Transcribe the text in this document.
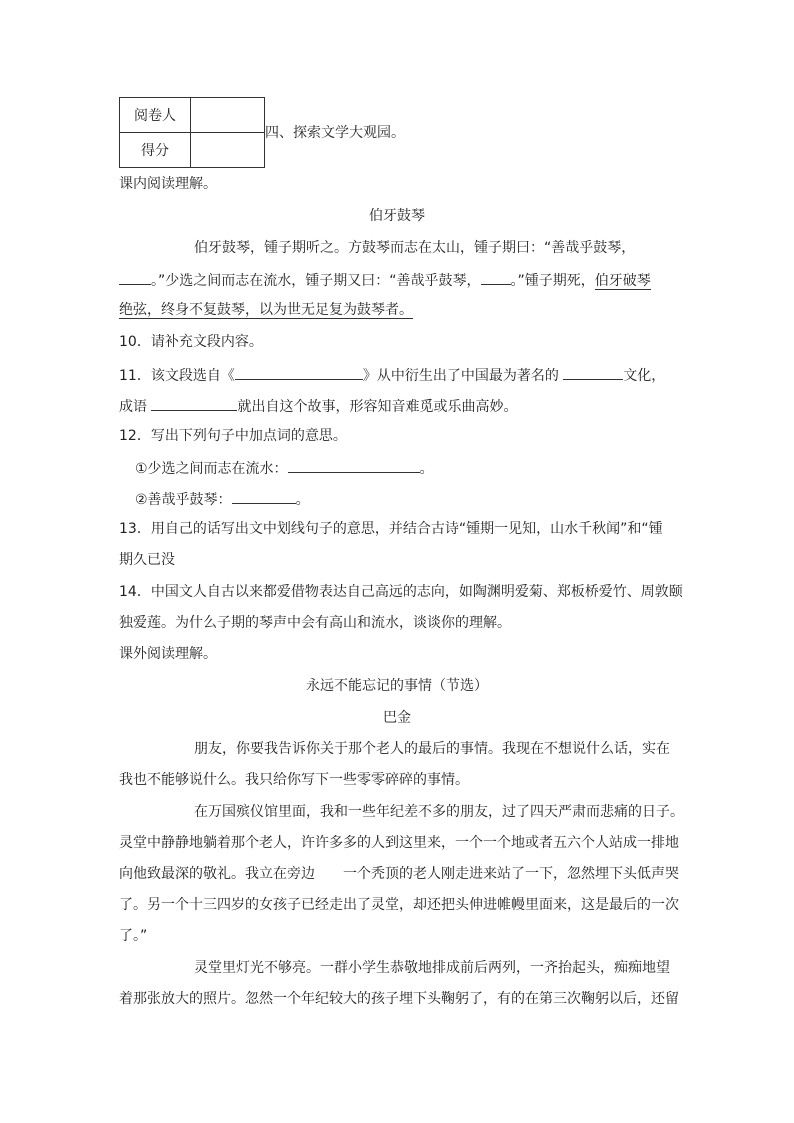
阅卷人	
得分	
四、探索文学大观园。
课内阅读理解。
伯牙鼓琴
伯牙鼓琴，锺子期听之。方鼓琴而志在太山，锺子期曰：“善哉乎鼓琴，
。”少选之间而志在流水，锺子期又曰：“善哉乎鼓琴， 。”锺子期死，伯牙破琴
绝弦，终身不复鼓琴，以为世无足复为鼓琴者。
10．请补充文段内容。
11．该文段选自《	》从中衍生出了中国最为著名的	文化，
成语	就出自这个故事，形容知音难觅或乐曲高妙。
12．写出下列句子中加点词的意思。
①少选之间而志在流水：	。
②善哉乎鼓琴：	。
13．用自己的话写出文中划线句子的意思，并结合古诗“锺期一见知，山水千秋闻”和“锺
期久已没
14．中国文人自古以来都爱借物表达自己高远的志向，如陶渊明爱菊、郑板桥爱竹、周敦颐
独爱莲。为什么子期的琴声中会有高山和流水，谈谈你的理解。
课外阅读理解。
永远不能忘记的事情（节选）
巴金
朋友，你要我告诉你关于那个老人的最后的事情。我现在不想说什么话，实在
我也不能够说什么。我只给你写下一些零零碎碎的事情。
在万国殡仪馆里面，我和一些年纪差不多的朋友，过了四天严肃而悲痛的日子。
灵堂中静静地躺着那个老人，许许多多的人到这里来，一个一个地或者五六个人站成一排地
向他致最深的敬礼。我立在旁边　　一个秃顶的老人刚走进来站了一下，忽然埋下头低声哭
了。另一个十三四岁的女孩子已经走出了灵堂，却还把头伸进帷幔里面来，这是最后的一次
了。”
灵堂里灯光不够亮。一群小学生恭敬地排成前后两列，一齐抬起头，痴痴地望
着那张放大的照片。忽然一个年纪较大的孩子埋下头鞠躬了，有的在第三次鞠躬以后，还留
